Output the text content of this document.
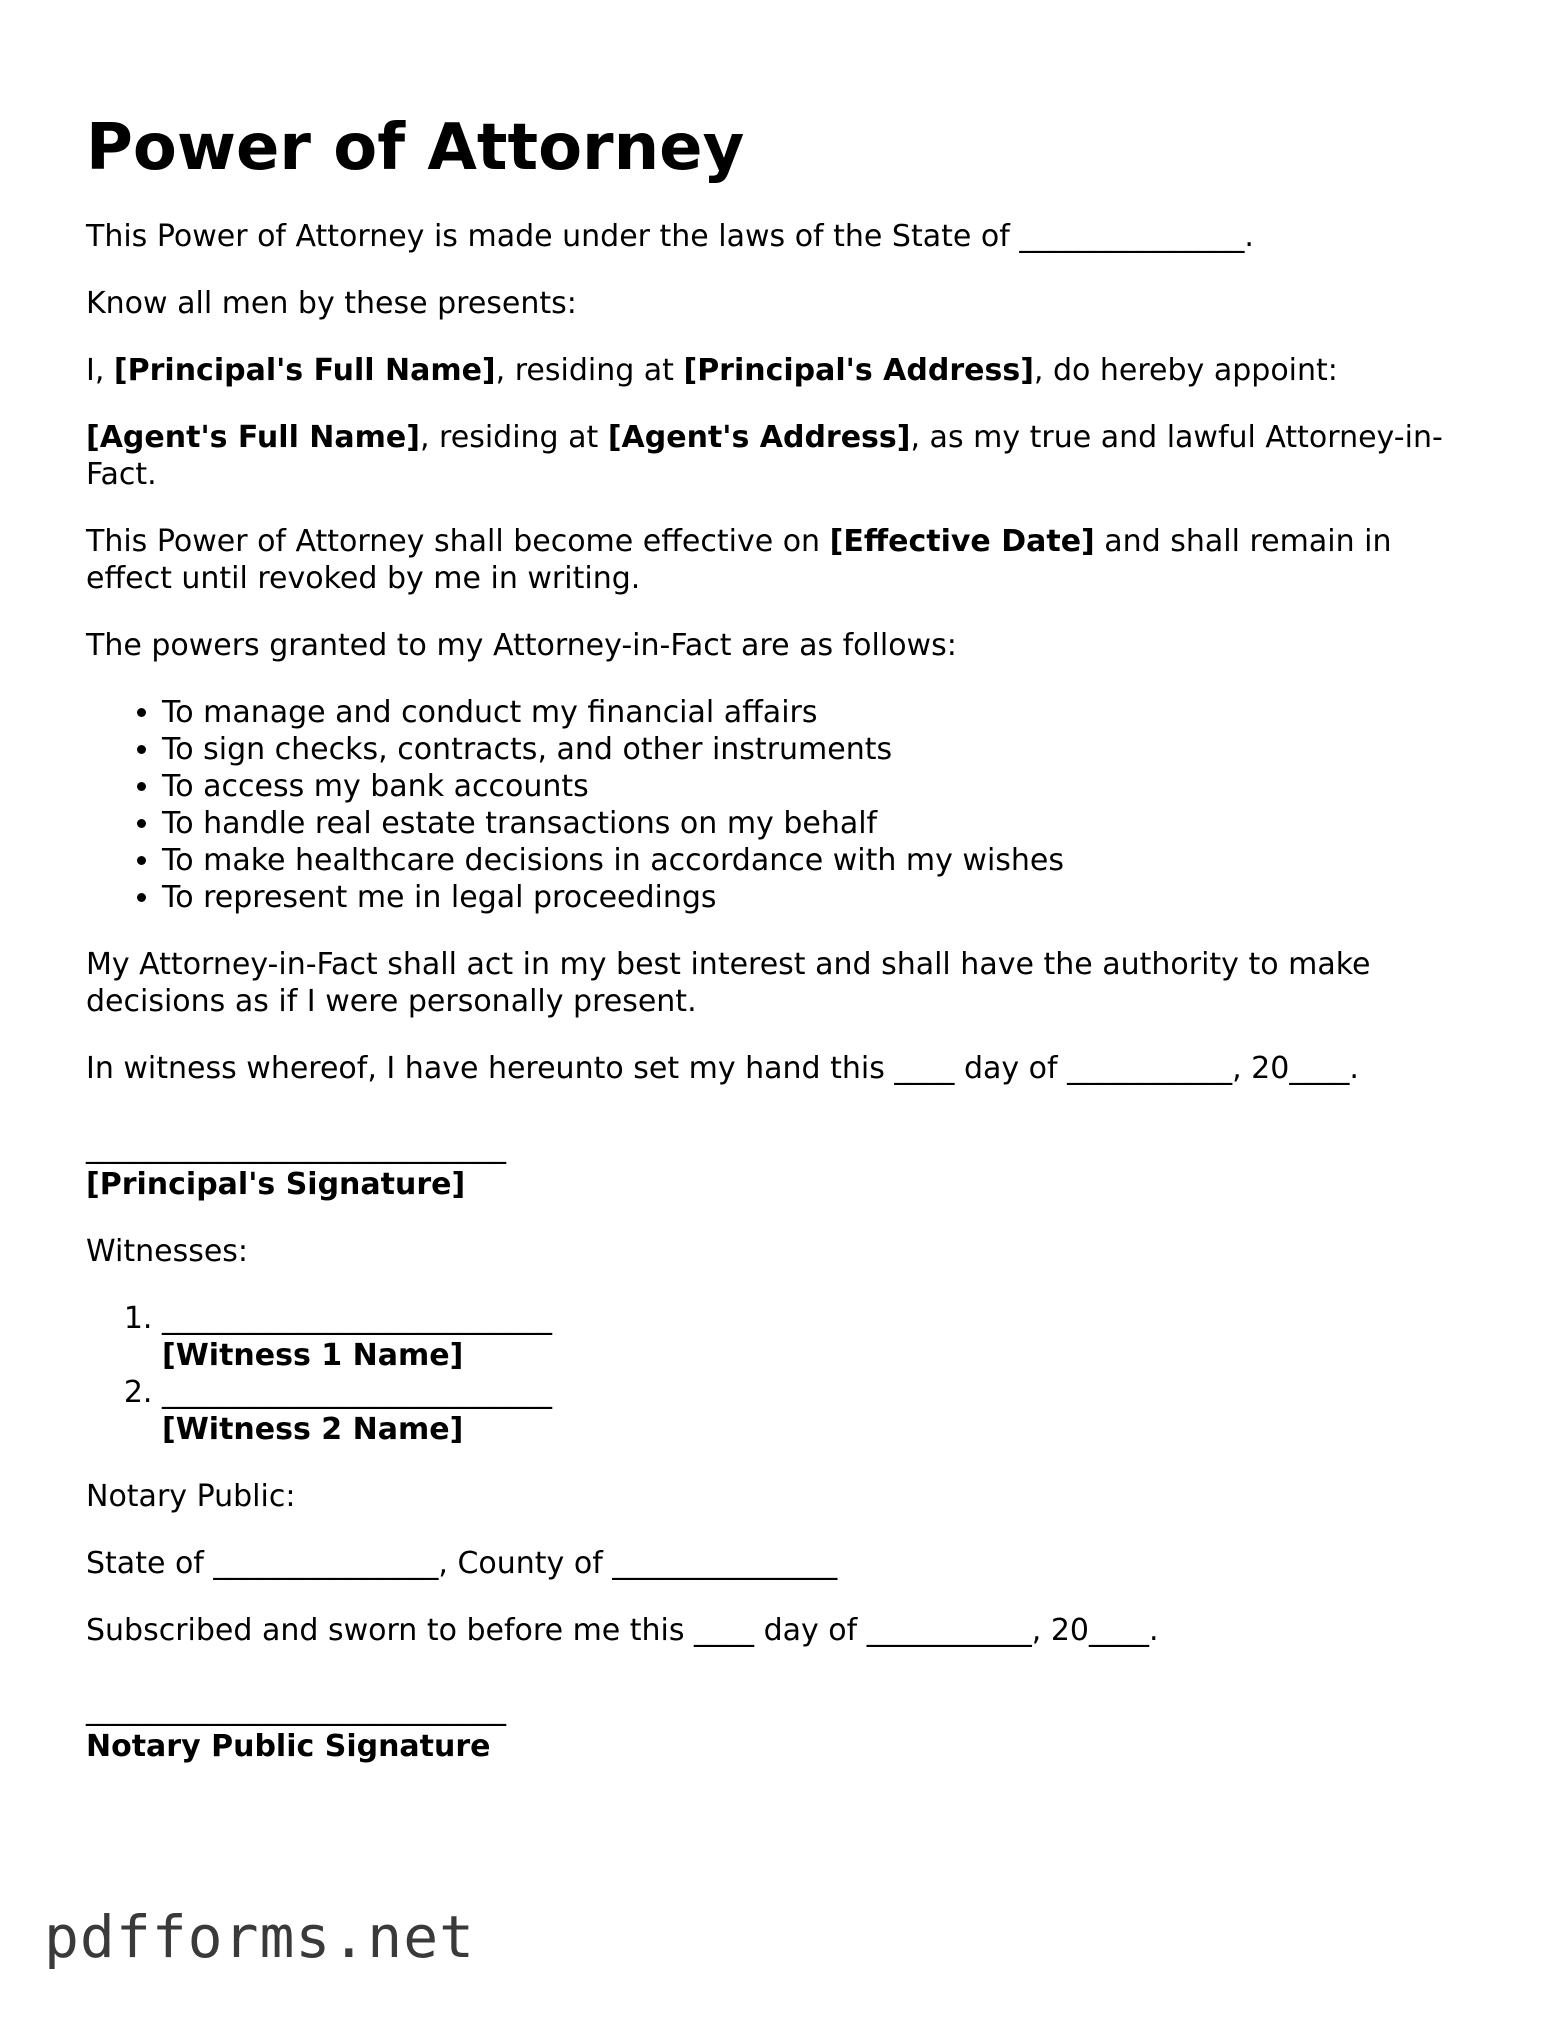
Power of Attorney

This Power of Attorney is made under the laws of the State of _______________.

Know all men by these presents:

I, [Principal's Full Name], residing at [Principal's Address], do hereby appoint:

[Agent's Full Name], residing at [Agent's Address], as my true and lawful Attorney-in-Fact.

This Power of Attorney shall become effective on [Effective Date] and shall remain in effect until revoked by me in writing.

The powers granted to my Attorney-in-Fact are as follows:

• To manage and conduct my financial affairs
• To sign checks, contracts, and other instruments
• To access my bank accounts
• To handle real estate transactions on my behalf
• To make healthcare decisions in accordance with my wishes
• To represent me in legal proceedings

My Attorney-in-Fact shall act in my best interest and shall have the authority to make decisions as if I were personally present.

In witness whereof, I have hereunto set my hand this ____ day of ___________, 20____.

____________________________
[Principal's Signature]

Witnesses:

1. __________________________
[Witness 1 Name]
2. __________________________
[Witness 2 Name]

Notary Public:

State of _______________, County of _______________

Subscribed and sworn to before me this ____ day of ___________, 20____.

____________________________
Notary Public Signature
pdfforms.net
